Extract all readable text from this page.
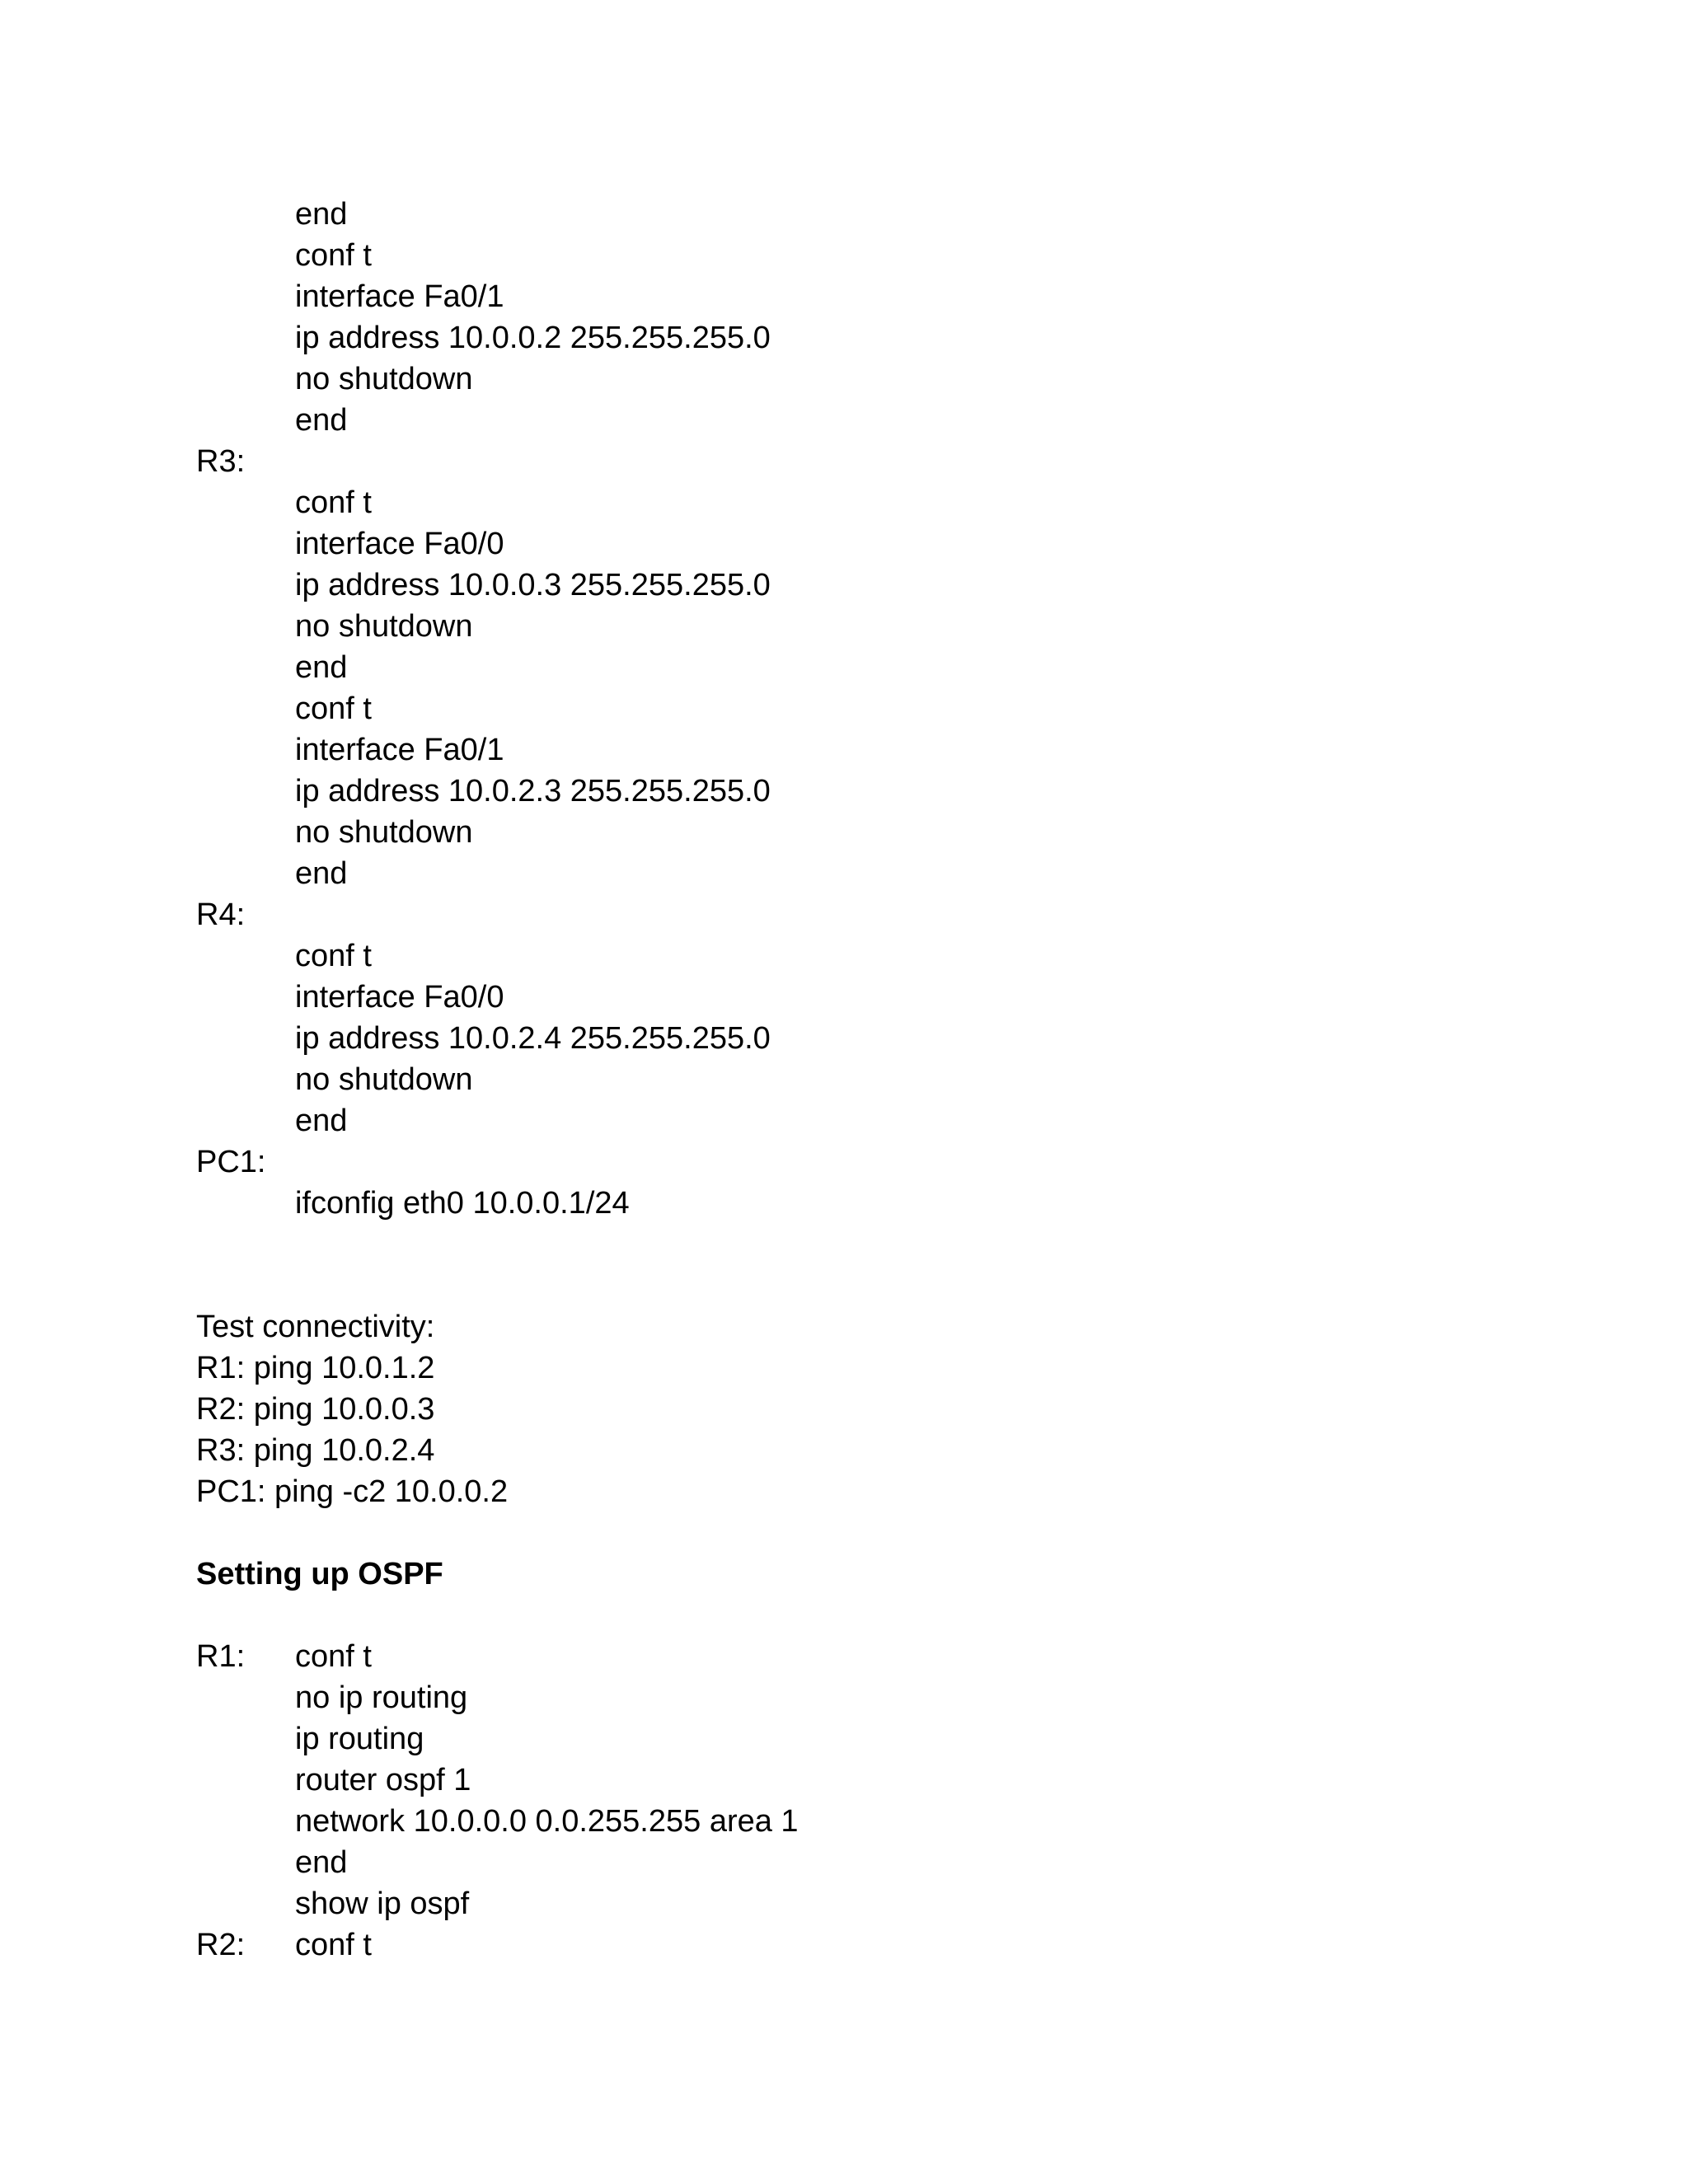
end
conf t
interface Fa0/1
ip address 10.0.0.2 255.255.255.0
no shutdown
end
R3:
conf t
interface Fa0/0
ip address 10.0.0.3 255.255.255.0
no shutdown
end
conf t
interface Fa0/1
ip address 10.0.2.3 255.255.255.0
no shutdown
end
R4:
conf t
interface Fa0/0
ip address 10.0.2.4 255.255.255.0
no shutdown
end
PC1:
ifconfig eth0 10.0.0.1/24
Test connectivity:
R1: ping 10.0.1.2
R2: ping 10.0.0.3
R3: ping 10.0.2.4
PC1: ping -c2 10.0.0.2
Setting up OSPF
R1: conf t
no ip routing
ip routing
router ospf 1
network 10.0.0.0 0.0.255.255 area 1
end
show ip ospf
R2: conf t
